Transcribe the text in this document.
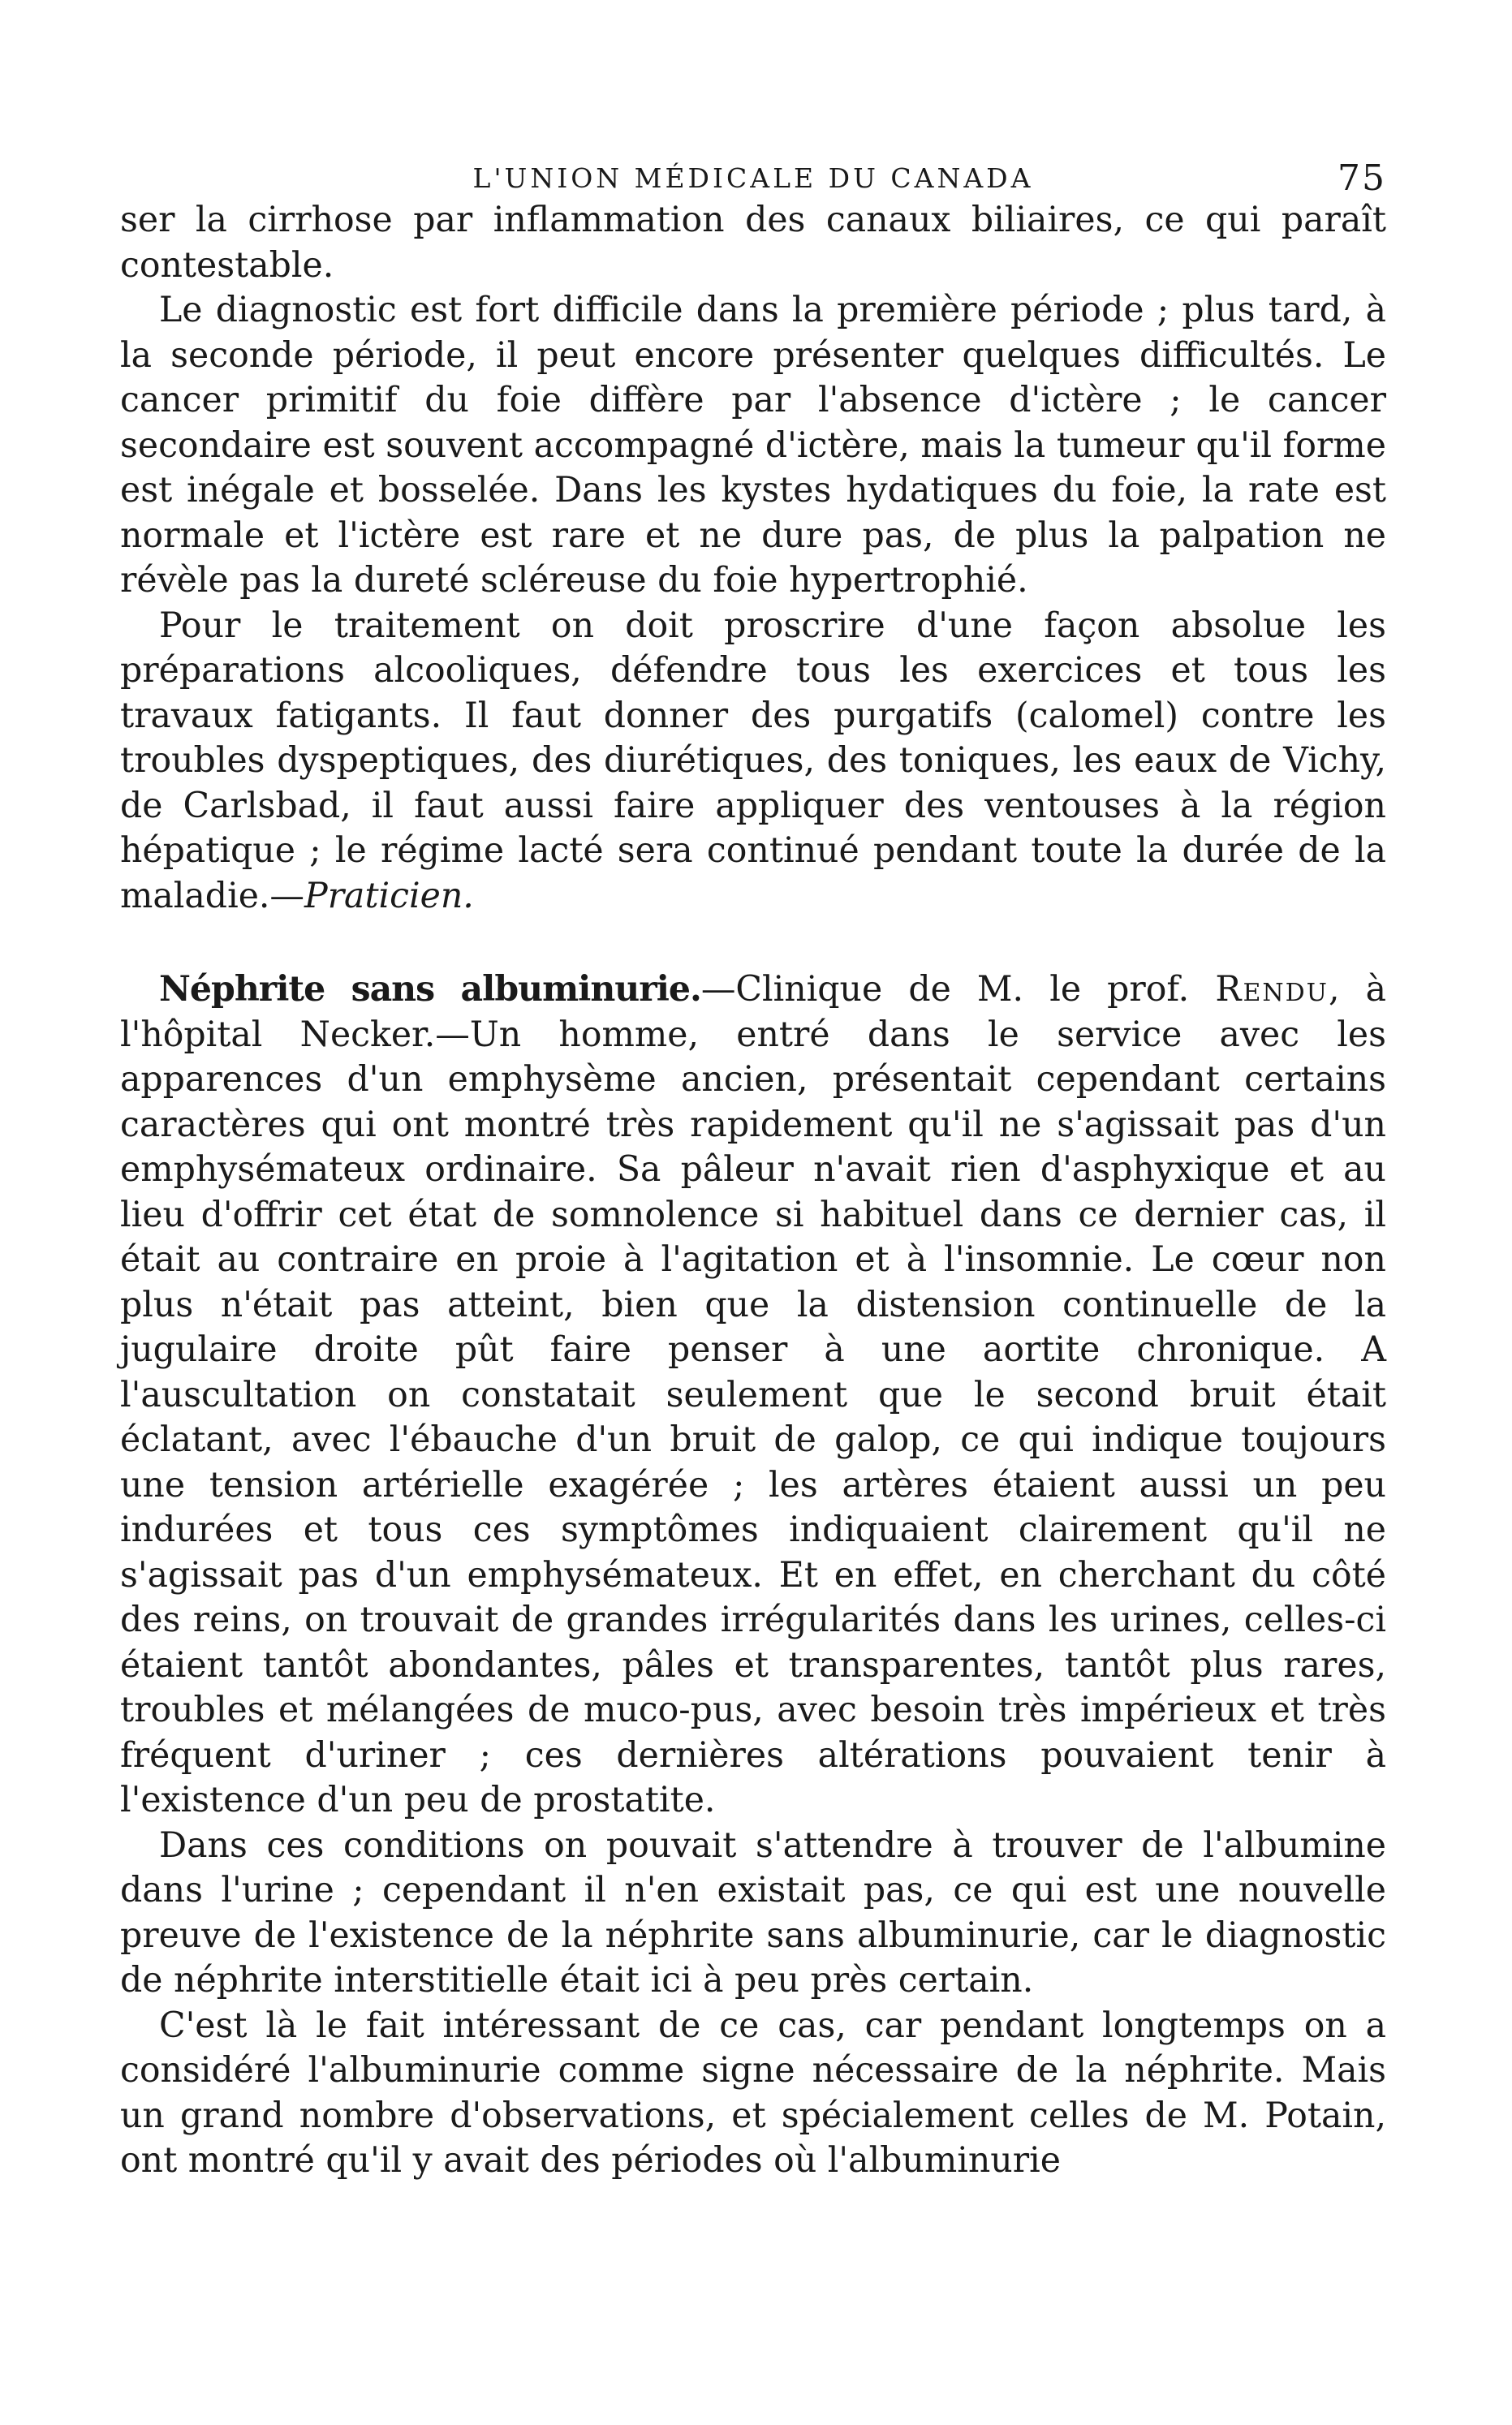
L'UNION MÉDICALE DU CANADA	75

ser la cirrhose par inflammation des canaux biliaires, ce qui paraît contestable.

Le diagnostic est fort difficile dans la première période ; plus tard, à la seconde période, il peut encore présenter quelques difficultés. Le cancer primitif du foie diffère par l'absence d'ictère ; le cancer secondaire est souvent accompagné d'ictère, mais la tumeur qu'il forme est inégale et bosselée. Dans les kystes hydatiques du foie, la rate est normale et l'ictère est rare et ne dure pas, de plus la palpation ne révèle pas la dureté scléreuse du foie hypertrophié.

Pour le traitement on doit proscrire d'une façon absolue les préparations alcooliques, défendre tous les exercices et tous les travaux fatigants. Il faut donner des purgatifs (calomel) contre les troubles dyspeptiques, des diurétiques, des toniques, les eaux de Vichy, de Carlsbad, il faut aussi faire appliquer des ventouses à la région hépatique ; le régime lacté sera continué pendant toute la durée de la maladie.—Praticien.

Néphrite sans albuminurie.—Clinique de M. le prof. Rendu, à l'hôpital Necker.—Un homme, entré dans le service avec les apparences d'un emphysème ancien, présentait cependant certains caractères qui ont montré très rapidement qu'il ne s'agissait pas d'un emphysémateux ordinaire. Sa pâleur n'avait rien d'asphyxique et au lieu d'offrir cet état de somnolence si habituel dans ce dernier cas, il était au contraire en proie à l'agitation et à l'insomnie. Le cœur non plus n'était pas atteint, bien que la distension continuelle de la jugulaire droite pût faire penser à une aortite chronique. A l'auscultation on constatait seulement que le second bruit était éclatant, avec l'ébauche d'un bruit de galop, ce qui indique toujours une tension artérielle exagérée ; les artères étaient aussi un peu indurées et tous ces symptômes indiquaient clairement qu'il ne s'agissait pas d'un emphysémateux. Et en effet, en cherchant du côté des reins, on trouvait de grandes irrégularités dans les urines, celles-ci étaient tantôt abondantes, pâles et transparentes, tantôt plus rares, troubles et mélangées de muco-pus, avec besoin très impérieux et très fréquent d'uriner ; ces dernières altérations pouvaient tenir à l'existence d'un peu de prostatite.

Dans ces conditions on pouvait s'attendre à trouver de l'albumine dans l'urine ; cependant il n'en existait pas, ce qui est une nouvelle preuve de l'existence de la néphrite sans albuminurie, car le diagnostic de néphrite interstitielle était ici à peu près certain.

C'est là le fait intéressant de ce cas, car pendant longtemps on a considéré l'albuminurie comme signe nécessaire de la néphrite. Mais un grand nombre d'observations, et spécialement celles de M. Potain, ont montré qu'il y avait des périodes où l'albuminurie
